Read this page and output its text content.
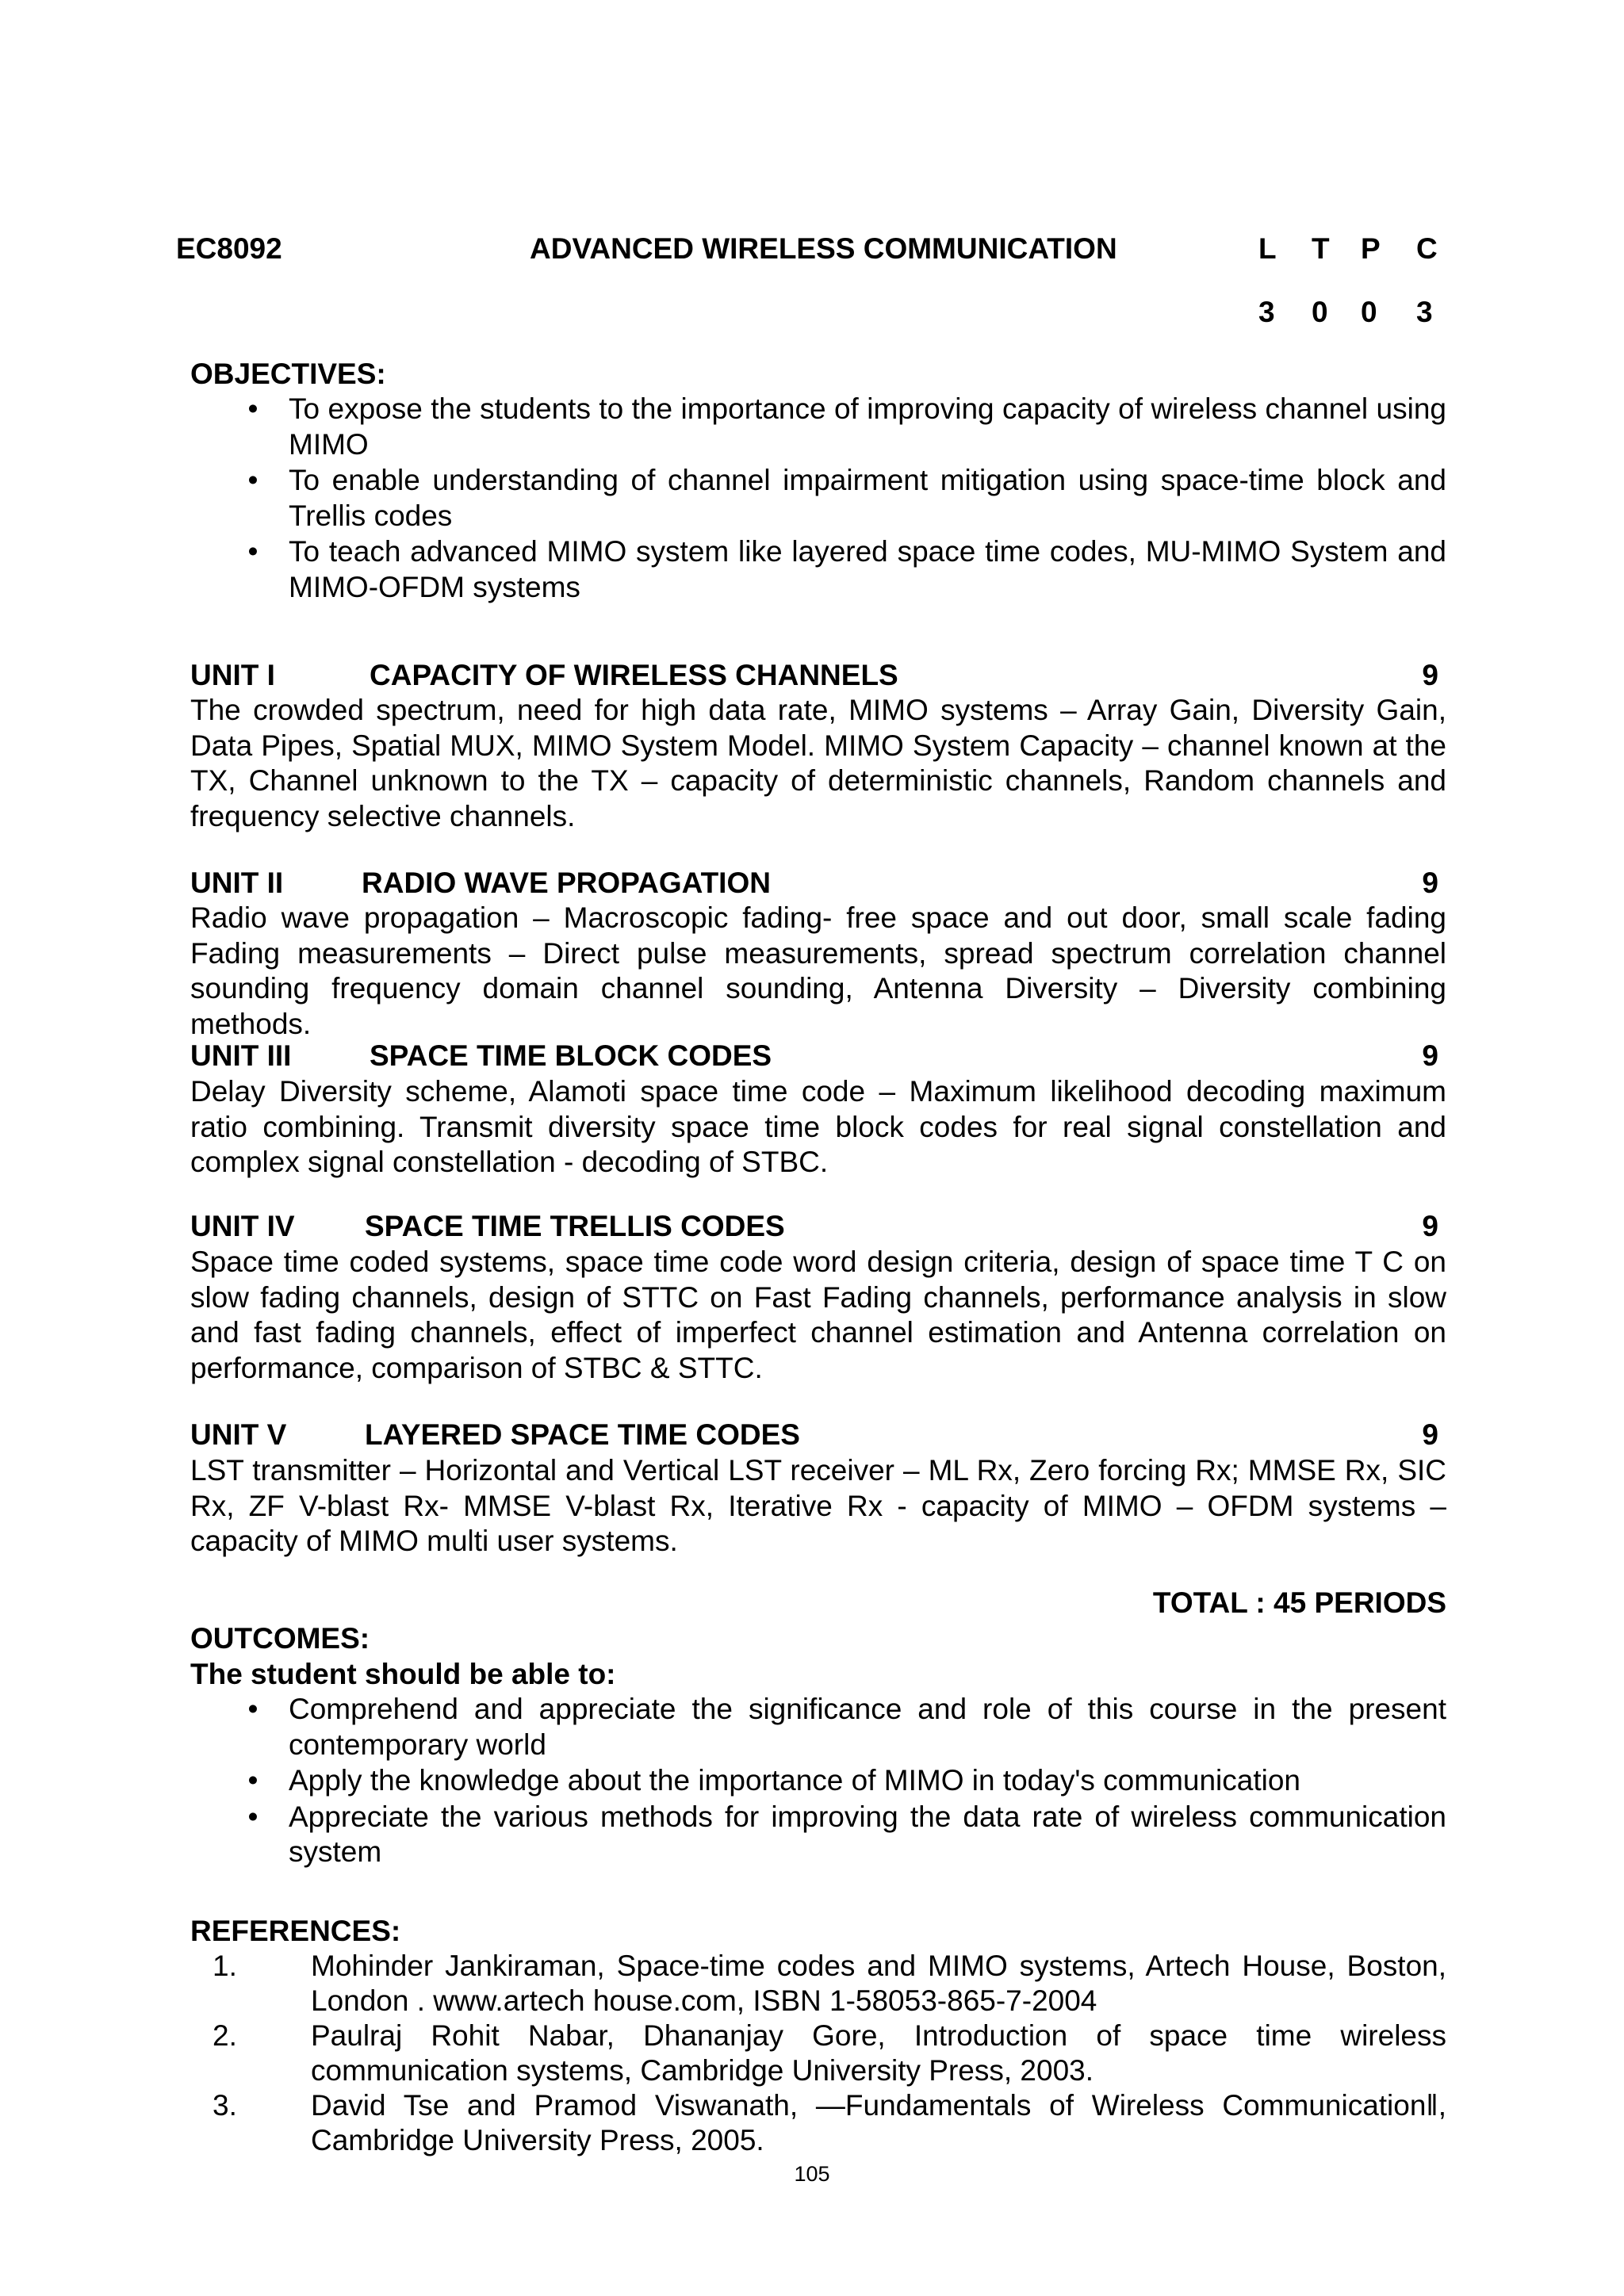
EC8092	ADVANCED WIRELESS COMMUNICATION	L T P C
3 0 0 3
OBJECTIVES:
• To expose the students to the importance of improving capacity of wireless channel using MIMO
• To enable understanding of channel impairment mitigation using space-time block and Trellis codes
• To teach advanced MIMO system like layered space time codes, MU-MIMO System and MIMO-OFDM systems
UNIT I	CAPACITY OF WIRELESS CHANNELS	9
The crowded spectrum, need for high data rate, MIMO systems – Array Gain, Diversity Gain, Data Pipes, Spatial MUX, MIMO System Model. MIMO System Capacity – channel known at the TX, Channel unknown to the TX – capacity of deterministic channels, Random channels and frequency selective channels.
UNIT II	RADIO WAVE PROPAGATION	9
Radio wave propagation – Macroscopic fading- free space and out door, small scale fading Fading measurements – Direct pulse measurements, spread spectrum correlation channel sounding frequency domain channel sounding, Antenna Diversity – Diversity combining methods.
UNIT III	SPACE TIME BLOCK CODES	9
Delay Diversity scheme, Alamoti space time code – Maximum likelihood decoding maximum ratio combining. Transmit diversity space time block codes for real signal constellation and complex signal constellation - decoding of STBC.
UNIT IV SPACE TIME TRELLIS CODES	9
Space time coded systems, space time code word design criteria, design of space time T C on slow fading channels, design of STTC on Fast Fading channels, performance analysis in slow and fast fading channels, effect of imperfect channel estimation and Antenna correlation on performance, comparison of STBC & STTC.
UNIT V	LAYERED SPACE TIME CODES	9
LST transmitter – Horizontal and Vertical LST receiver – ML Rx, Zero forcing Rx; MMSE Rx, SIC Rx, ZF V-blast Rx- MMSE V-blast Rx, Iterative Rx - capacity of MIMO – OFDM systems – capacity of MIMO multi user systems.
TOTAL : 45 PERIODS
OUTCOMES:
The student should be able to:
• Comprehend and appreciate the significance and role of this course in the present contemporary world
• Apply the knowledge about the importance of MIMO in today's communication
• Appreciate the various methods for improving the data rate of wireless communication system
REFERENCES:
1.	Mohinder Jankiraman, Space-time codes and MIMO systems, Artech House, Boston, London . www.artech house.com, ISBN 1-58053-865-7-2004
2.	Paulraj Rohit Nabar, Dhananjay Gore, Introduction of space time wireless communication systems, Cambridge University Press, 2003.
3.	David Tse and Pramod Viswanath, ―Fundamentals of Wireless Communication‖, Cambridge University Press, 2005.
105
